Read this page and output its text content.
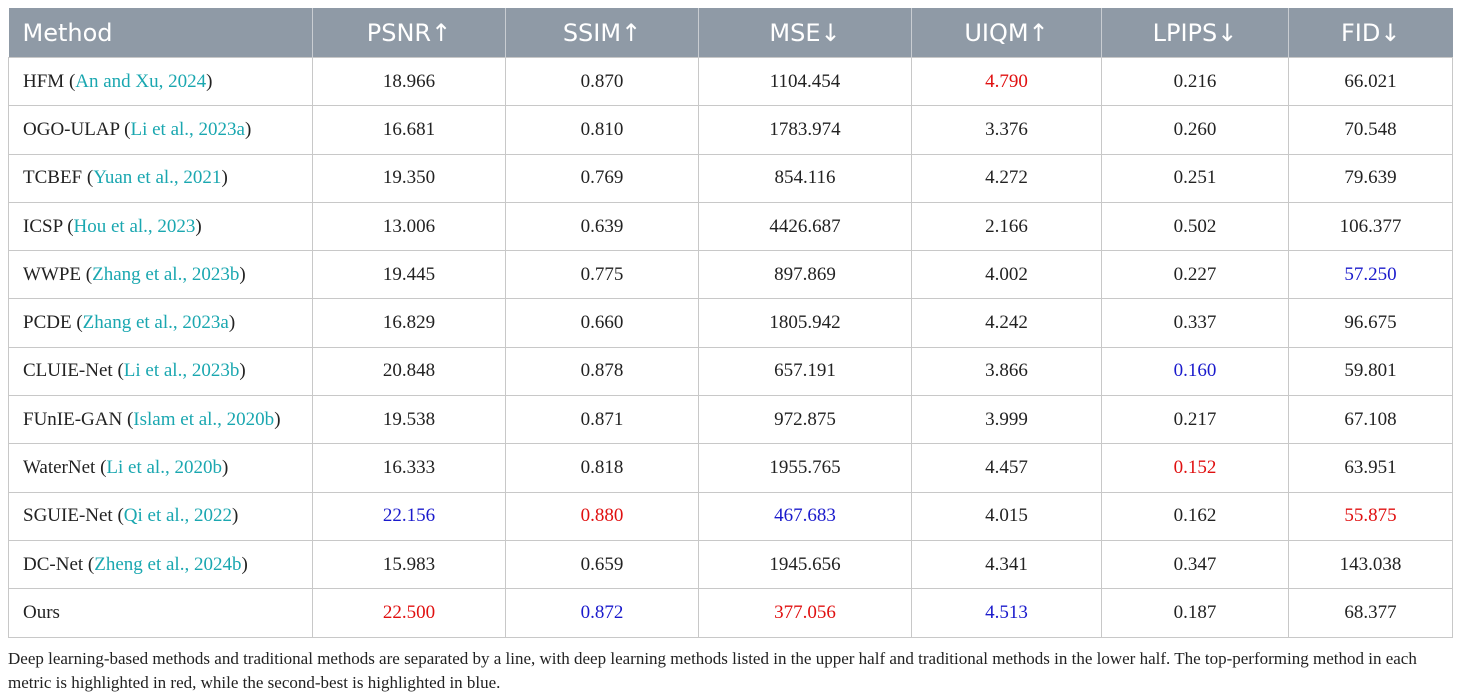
Method	PSNR↑	SSIM↑	MSE↓	UIQM↑	LPIPS↓	FID↓
HFM (An and Xu, 2024)	18.966	0.870	1104.454	4.790	0.216	66.021
OGO-ULAP (Li et al., 2023a)	16.681	0.810	1783.974	3.376	0.260	70.548
TCBEF (Yuan et al., 2021)	19.350	0.769	854.116	4.272	0.251	79.639
ICSP (Hou et al., 2023)	13.006	0.639	4426.687	2.166	0.502	106.377
WWPE (Zhang et al., 2023b)	19.445	0.775	897.869	4.002	0.227	57.250
PCDE (Zhang et al., 2023a)	16.829	0.660	1805.942	4.242	0.337	96.675
CLUIE-Net (Li et al., 2023b)	20.848	0.878	657.191	3.866	0.160	59.801
FUnIE-GAN (Islam et al., 2020b)	19.538	0.871	972.875	3.999	0.217	67.108
WaterNet (Li et al., 2020b)	16.333	0.818	1955.765	4.457	0.152	63.951
SGUIE-Net (Qi et al., 2022)	22.156	0.880	467.683	4.015	0.162	55.875
DC-Net (Zheng et al., 2024b)	15.983	0.659	1945.656	4.341	0.347	143.038
Ours	22.500	0.872	377.056	4.513	0.187	68.377
Deep learning-based methods and traditional methods are separated by a line, with deep learning methods listed in the upper half and traditional methods in the lower half. The top-performing method in each metric is highlighted in red, while the second-best is highlighted in blue.
